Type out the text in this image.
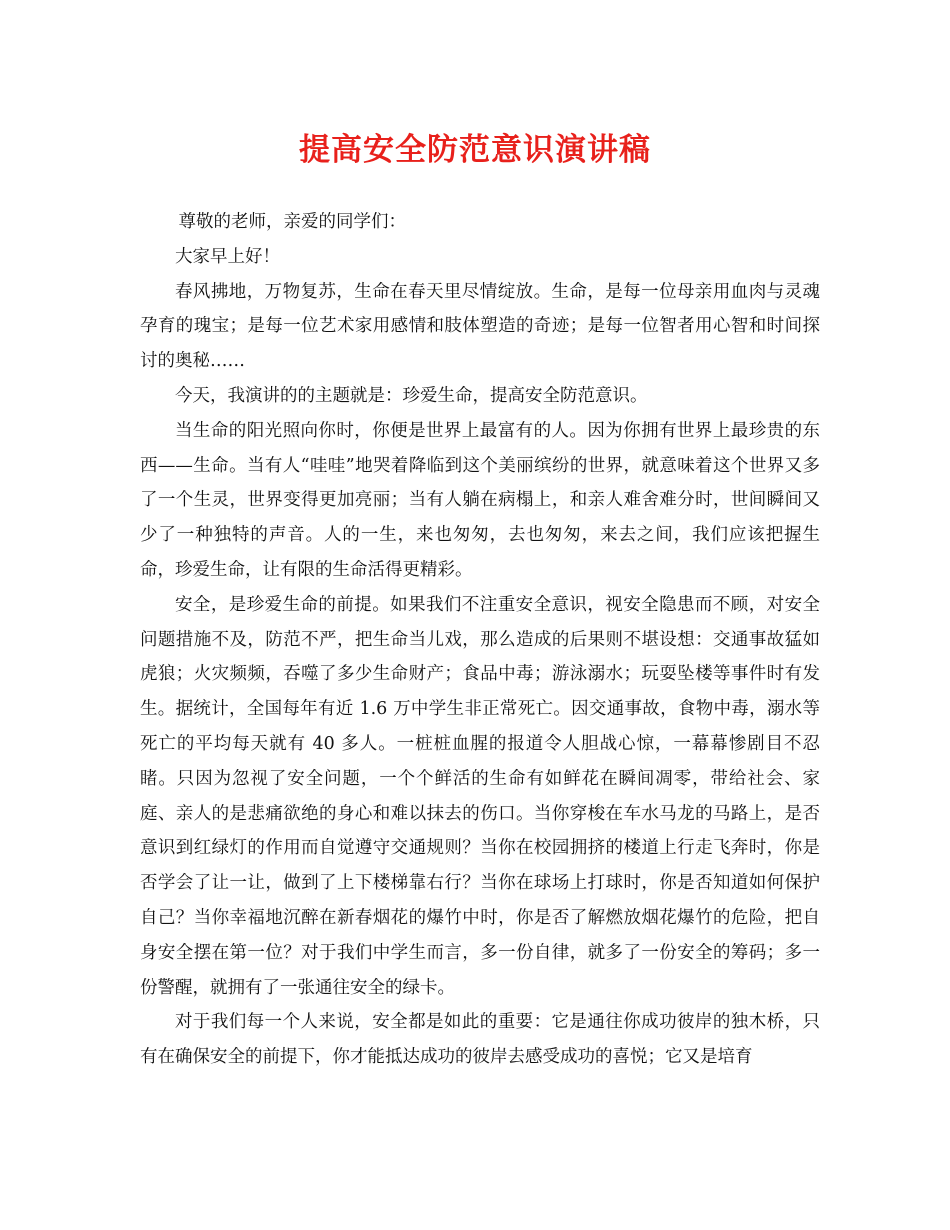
提高安全防范意识演讲稿

尊敬的老师，亲爱的同学们：

大家早上好！

春风拂地，万物复苏，生命在春天里尽情绽放。生命，是每一位母亲用血肉与灵魂孕育的瑰宝；是每一位艺术家用感情和肢体塑造的奇迹；是每一位智者用心智和时间探讨的奥秘……

今天，我演讲的的主题就是：珍爱生命，提高安全防范意识。

当生命的阳光照向你时，你便是世界上最富有的人。因为你拥有世界上最珍贵的东西——生命。当有人“哇哇”地哭着降临到这个美丽缤纷的世界，就意味着这个世界又多了一个生灵，世界变得更加亮丽；当有人躺在病榻上，和亲人难舍难分时，世间瞬间又少了一种独特的声音。人的一生，来也匆匆，去也匆匆，来去之间，我们应该把握生命，珍爱生命，让有限的生命活得更精彩。

安全，是珍爱生命的前提。如果我们不注重安全意识，视安全隐患而不顾，对安全问题措施不及，防范不严，把生命当儿戏，那么造成的后果则不堪设想：交通事故猛如虎狼；火灾频频，吞噬了多少生命财产；食品中毒；游泳溺水；玩耍坠楼等事件时有发生。据统计，全国每年有近 1.6 万中学生非正常死亡。因交通事故，食物中毒，溺水等死亡的平均每天就有 40 多人。一桩桩血腥的报道令人胆战心惊，一幕幕惨剧目不忍睹。只因为忽视了安全问题，一个个鲜活的生命有如鲜花在瞬间凋零，带给社会、家庭、亲人的是悲痛欲绝的身心和难以抹去的伤口。当你穿梭在车水马龙的马路上，是否意识到红绿灯的作用而自觉遵守交通规则？当你在校园拥挤的楼道上行走飞奔时，你是否学会了让一让，做到了上下楼梯靠右行？当你在球场上打球时，你是否知道如何保护自己？当你幸福地沉醉在新春烟花的爆竹中时，你是否了解燃放烟花爆竹的危险，把自身安全摆在第一位？对于我们中学生而言，多一份自律，就多了一份安全的筹码；多一份警醒，就拥有了一张通往安全的绿卡。

对于我们每一个人来说，安全都是如此的重要：它是通往你成功彼岸的独木桥，只有在确保安全的前提下，你才能抵达成功的彼岸去感受成功的喜悦；它又是培育
